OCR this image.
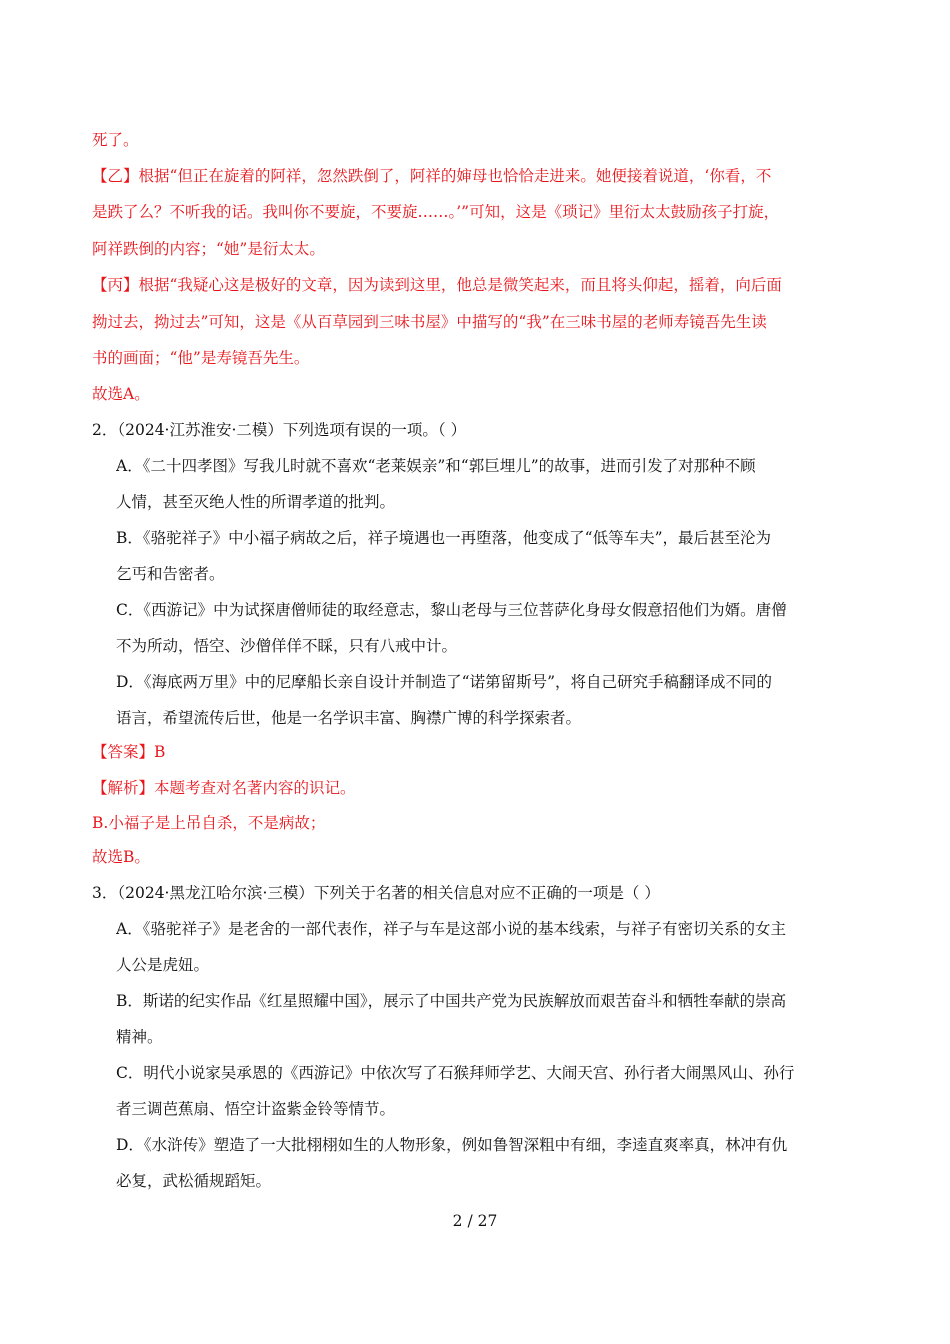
死了。
【乙】根据“但正在旋着的阿祥，忽然跌倒了，阿祥的婶母也恰恰走进来。她便接着说道，‘你看，不
是跌了么？不听我的话。我叫你不要旋，不要旋……。’”可知，这是《琐记》里衍太太鼓励孩子打旋，
阿祥跌倒的内容；“她”是衍太太。
【丙】根据“我疑心这是极好的文章，因为读到这里，他总是微笑起来，而且将头仰起，摇着，向后面
拗过去，拗过去”可知，这是《从百草园到三味书屋》中描写的“我”在三味书屋的老师寿镜吾先生读
书的画面；“他”是寿镜吾先生。
故选A。
2．（2024·江苏淮安·二模）下列选项有误的一项。（ ）
A．《二十四孝图》写我儿时就不喜欢“老莱娱亲”和“郭巨埋儿”的故事，进而引发了对那种不顾
人情，甚至灭绝人性的所谓孝道的批判。
B．《骆驼祥子》中小福子病故之后，祥子境遇也一再堕落，他变成了“低等车夫”，最后甚至沦为
乞丐和告密者。
C．《西游记》中为试探唐僧师徒的取经意志，黎山老母与三位菩萨化身母女假意招他们为婿。唐僧
不为所动，悟空、沙僧佯佯不睬，只有八戒中计。
D．《海底两万里》中的尼摩船长亲自设计并制造了“诺第留斯号”，将自己研究手稿翻译成不同的
语言，希望流传后世，他是一名学识丰富、胸襟广博的科学探索者。
【答案】B
【解析】本题考查对名著内容的识记。
B.小福子是上吊自杀，不是病故；
故选B。
3．（2024·黑龙江哈尔滨·三模）下列关于名著的相关信息对应不正确的一项是（ ）
A．《骆驼祥子》是老舍的一部代表作，祥子与车是这部小说的基本线索，与祥子有密切关系的女主
人公是虎妞。
B．斯诺的纪实作品《红星照耀中国》，展示了中国共产党为民族解放而艰苦奋斗和牺牲奉献的崇高
精神。
C．明代小说家吴承恩的《西游记》中依次写了石猴拜师学艺、大闹天宫、孙行者大闹黑风山、孙行
者三调芭蕉扇、悟空计盗紫金铃等情节。
D．《水浒传》塑造了一大批栩栩如生的人物形象，例如鲁智深粗中有细，李逵直爽率真，林冲有仇
必复，武松循规蹈矩。
2 / 27
